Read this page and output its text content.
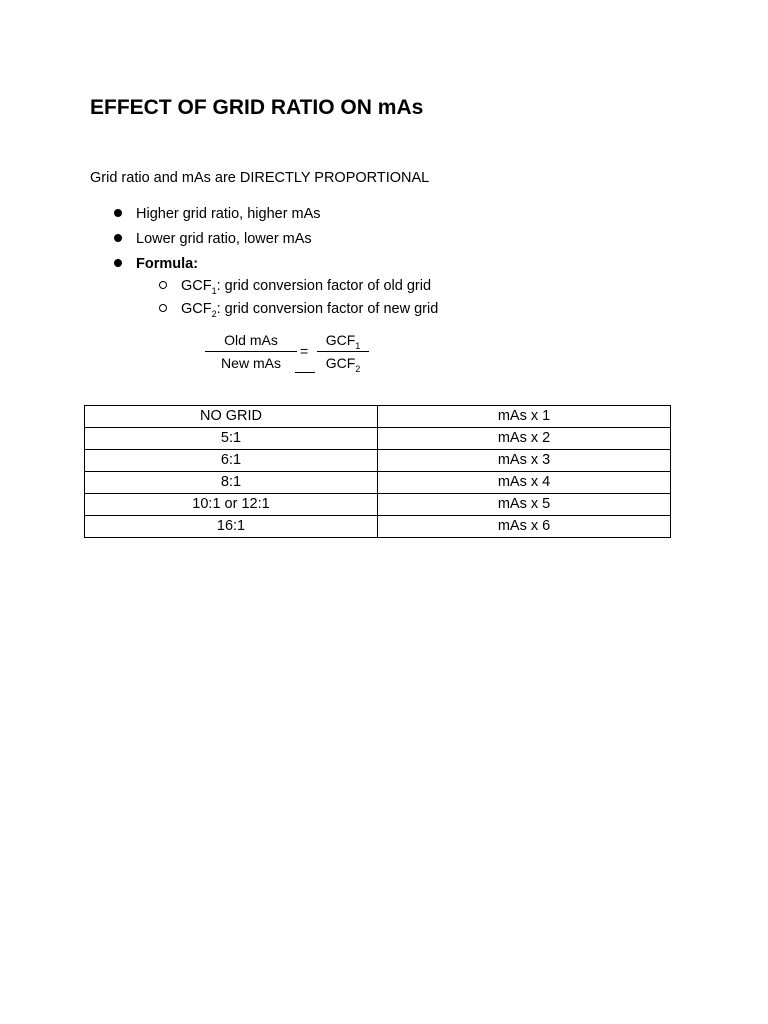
EFFECT OF GRID RATIO ON mAs

Grid ratio and mAs are DIRECTLY PROPORTIONAL

Higher grid ratio, higher mAs
Lower grid ratio, lower mAs
Formula:
$GCF_1$: grid conversion factor of old grid
$GCF_2$: grid conversion factor of new grid
Old mAs
New mAs
=
$GCF_1$
$GCF_2$
NO GRID	mAs x 1
5:1	mAs x 2
6:1	mAs x 3
8:1	mAs x 4
10:1 or 12:1	mAs x 5
16:1	mAs x 6
